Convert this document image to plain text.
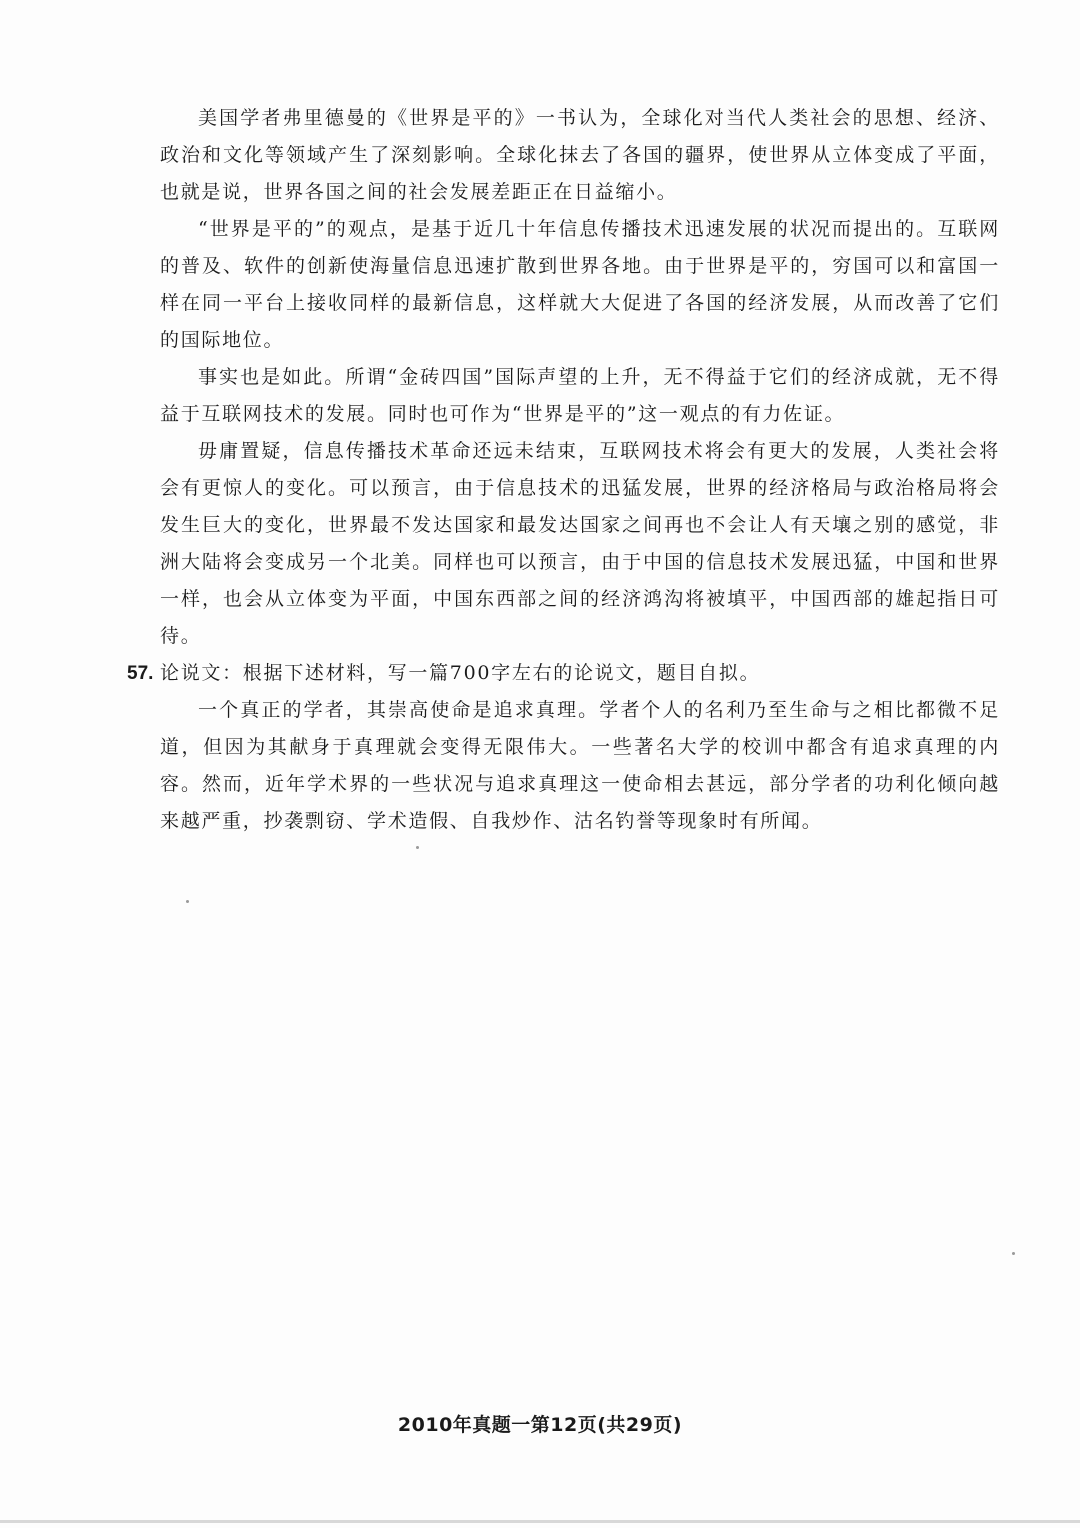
美国学者弗里德曼的《世界是平的》一书认为，全球化对当代人类社会的思想、经济、政治和文化等领域产生了深刻影响。全球化抹去了各国的疆界，使世界从立体变成了平面，也就是说，世界各国之间的社会发展差距正在日益缩小。

“世界是平的”的观点，是基于近几十年信息传播技术迅速发展的状况而提出的。互联网的普及、软件的创新使海量信息迅速扩散到世界各地。由于世界是平的，穷国可以和富国一样在同一平台上接收同样的最新信息，这样就大大促进了各国的经济发展，从而改善了它们的国际地位。

事实也是如此。所谓“金砖四国”国际声望的上升，无不得益于它们的经济成就，无不得益于互联网技术的发展。同时也可作为“世界是平的”这一观点的有力佐证。

毋庸置疑，信息传播技术革命还远未结束，互联网技术将会有更大的发展，人类社会将会有更惊人的变化。可以预言，由于信息技术的迅猛发展，世界的经济格局与政治格局将会发生巨大的变化，世界最不发达国家和最发达国家之间再也不会让人有天壤之别的感觉，非洲大陆将会变成另一个北美。同样也可以预言，由于中国的信息技术发展迅猛，中国和世界一样，也会从立体变为平面，中国东西部之间的经济鸿沟将被填平，中国西部的雄起指日可待。

57. 论说文：根据下述材料，写一篇700字左右的论说文，题目自拟。

一个真正的学者，其崇高使命是追求真理。学者个人的名利乃至生命与之相比都微不足道，但因为其献身于真理就会变得无限伟大。一些著名大学的校训中都含有追求真理的内容。然而，近年学术界的一些状况与追求真理这一使命相去甚远，部分学者的功利化倾向越来越严重，抄袭剽窃、学术造假、自我炒作、沽名钓誉等现象时有所闻。

2010年真题一第12页(共29页)
